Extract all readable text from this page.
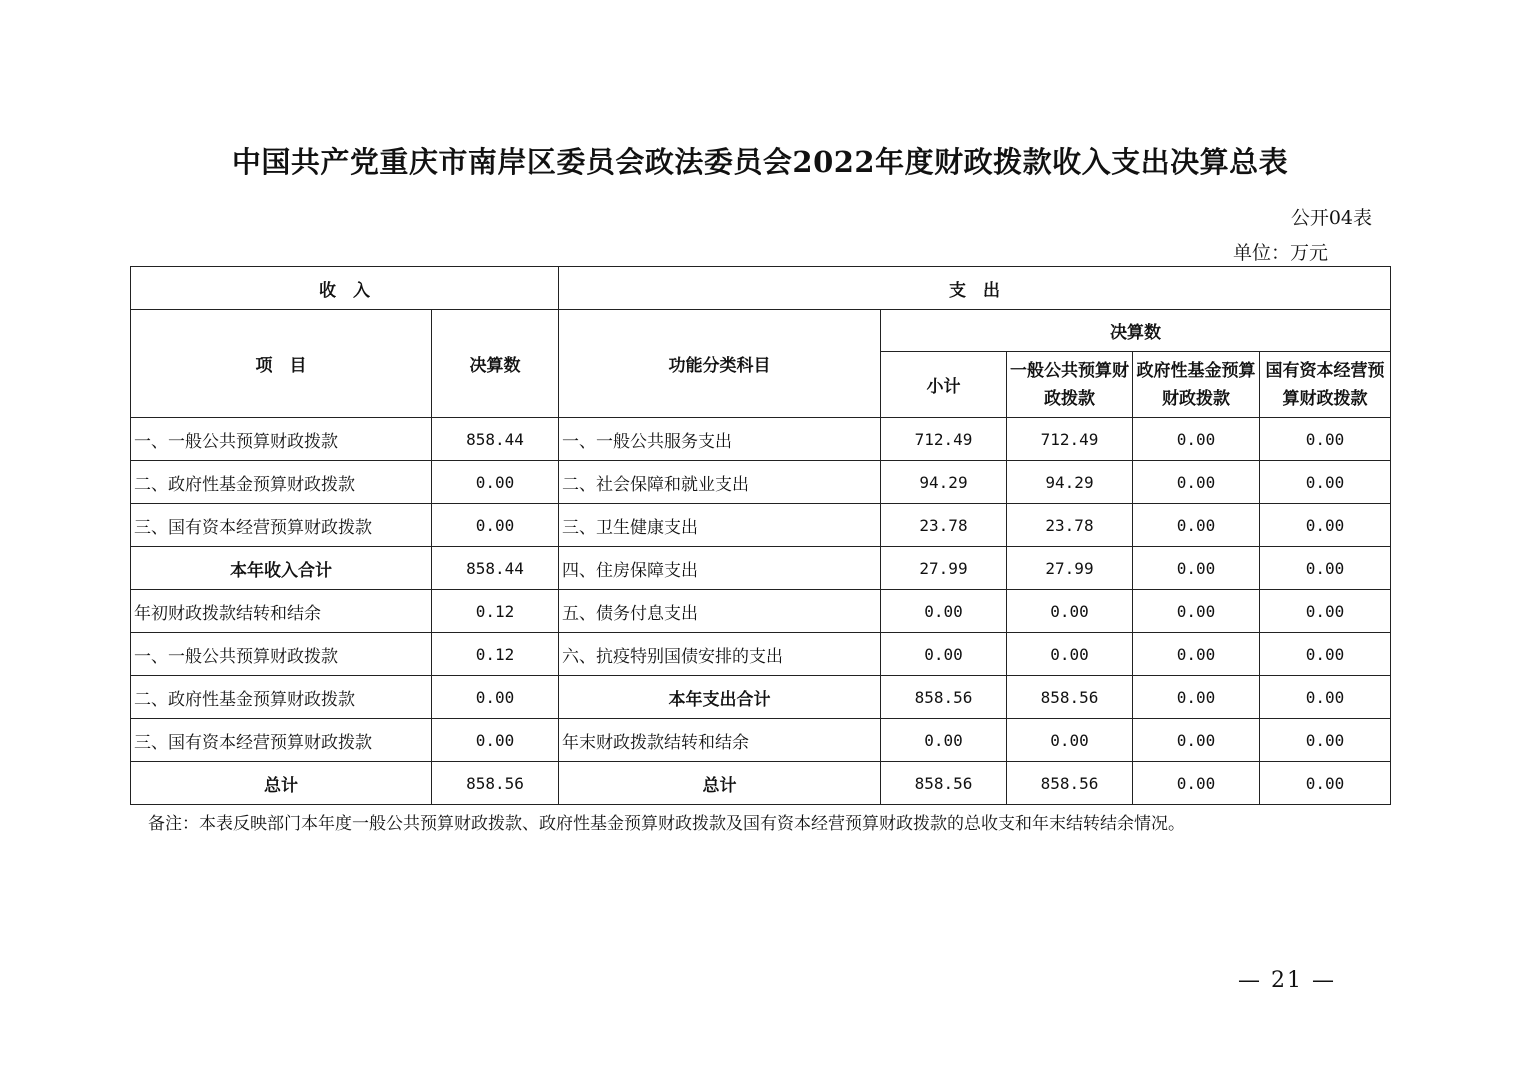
中国共产党重庆市南岸区委员会政法委员会2022年度财政拨款收入支出决算总表
公开04表
单位：万元
收　入		支　出				
项　目	决算数	功能分类科目	决算数			
			小计	一般公共预算财政拨款	政府性基金预算财政拨款	国有资本经营预算财政拨款
一、一般公共预算财政拨款	858.44	一、一般公共服务支出	712.49	712.49	0.00	0.00
二、政府性基金预算财政拨款	0.00	二、社会保障和就业支出	94.29	94.29	0.00	0.00
三、国有资本经营预算财政拨款	0.00	三、卫生健康支出	23.78	23.78	0.00	0.00
本年收入合计	858.44	四、住房保障支出	27.99	27.99	0.00	0.00
年初财政拨款结转和结余	0.12	五、债务付息支出	0.00	0.00	0.00	0.00
一、一般公共预算财政拨款	0.12	六、抗疫特别国债安排的支出	0.00	0.00	0.00	0.00
二、政府性基金预算财政拨款	0.00	本年支出合计	858.56	858.56	0.00	0.00
三、国有资本经营预算财政拨款	0.00	年末财政拨款结转和结余	0.00	0.00	0.00	0.00
总计	858.56	总计	858.56	858.56	0.00	0.00
备注：本表反映部门本年度一般公共预算财政拨款、政府性基金预算财政拨款及国有资本经营预算财政拨款的总收支和年末结转结余情况。
— 21 —
